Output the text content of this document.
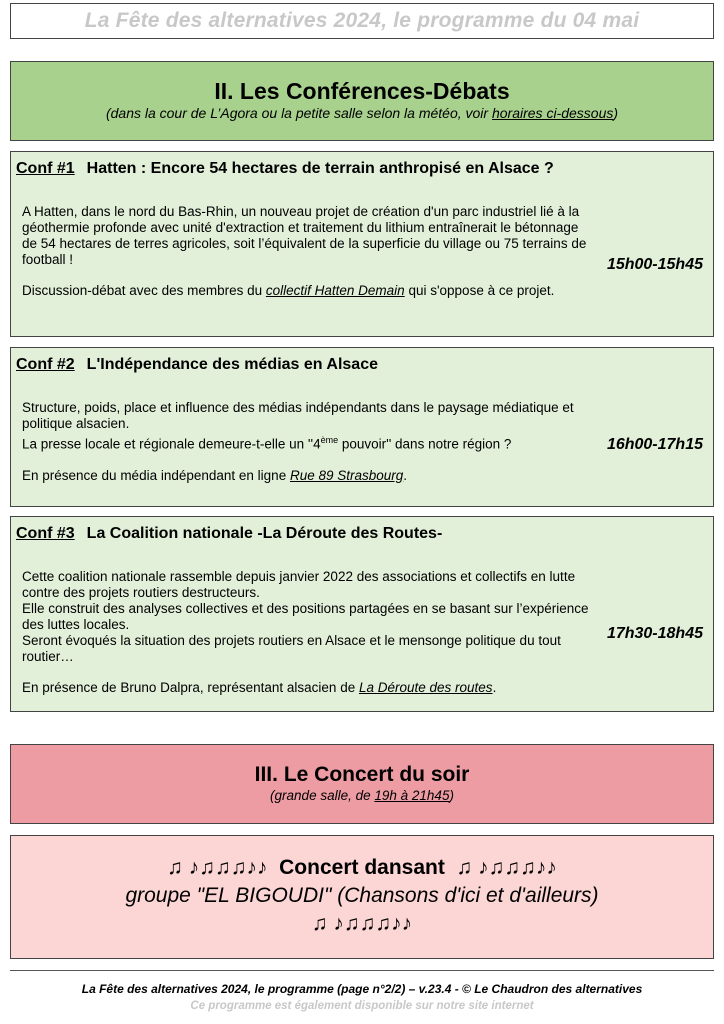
La Fête des alternatives 2024, le programme du 04 mai
II. Les Conférences-Débats
(dans la cour de L’Agora ou la petite salle selon la météo, voir horaires ci-dessous)
Conf #1 Hatten : Encore 54 hectares de terrain anthropisé en Alsace ?

A Hatten, dans le nord du Bas-Rhin, un nouveau projet de création d'un parc industriel lié à la géothermie profonde avec unité d'extraction et traitement du lithium entraînerait le bétonnage de 54 hectares de terres agricoles, soit l’équivalent de la superficie du village ou 75 terrains de football !

Discussion-débat avec des membres du collectif Hatten Demain qui s'oppose à ce projet.

15h00-15h45
Conf #2 L'Indépendance des médias en Alsace

Structure, poids, place et influence des médias indépendants dans le paysage médiatique et politique alsacien.

La presse locale et régionale demeure-t-elle un ''4ème pouvoir'' dans notre région ?

En présence du média indépendant en ligne Rue 89 Strasbourg.

16h00-17h15
Conf #3 La Coalition nationale -La Déroute des Routes-

Cette coalition nationale rassemble depuis janvier 2022 des associations et collectifs en lutte contre des projets routiers destructeurs.

Elle construit des analyses collectives et des positions partagées en se basant sur l’expérience des luttes locales.

Seront évoqués la situation des projets routiers en Alsace et le mensonge politique du tout routier…

En présence de Bruno Dalpra, représentant alsacien de La Déroute des routes.

17h30-18h45
III. Le Concert du soir
(grande salle, de 19h à 21h45)
♫ ♪♫♫♫♪♪ Concert dansant ♫ ♪♫♫♫♪♪
groupe "EL BIGOUDI" (Chansons d'ici et d'ailleurs)
♫ ♪♫♫♫♪♪
La Fête des alternatives 2024, le programme (page n°2/2) – v.23.4 - © Le Chaudron des alternatives
Ce programme est également disponible sur notre site internet
